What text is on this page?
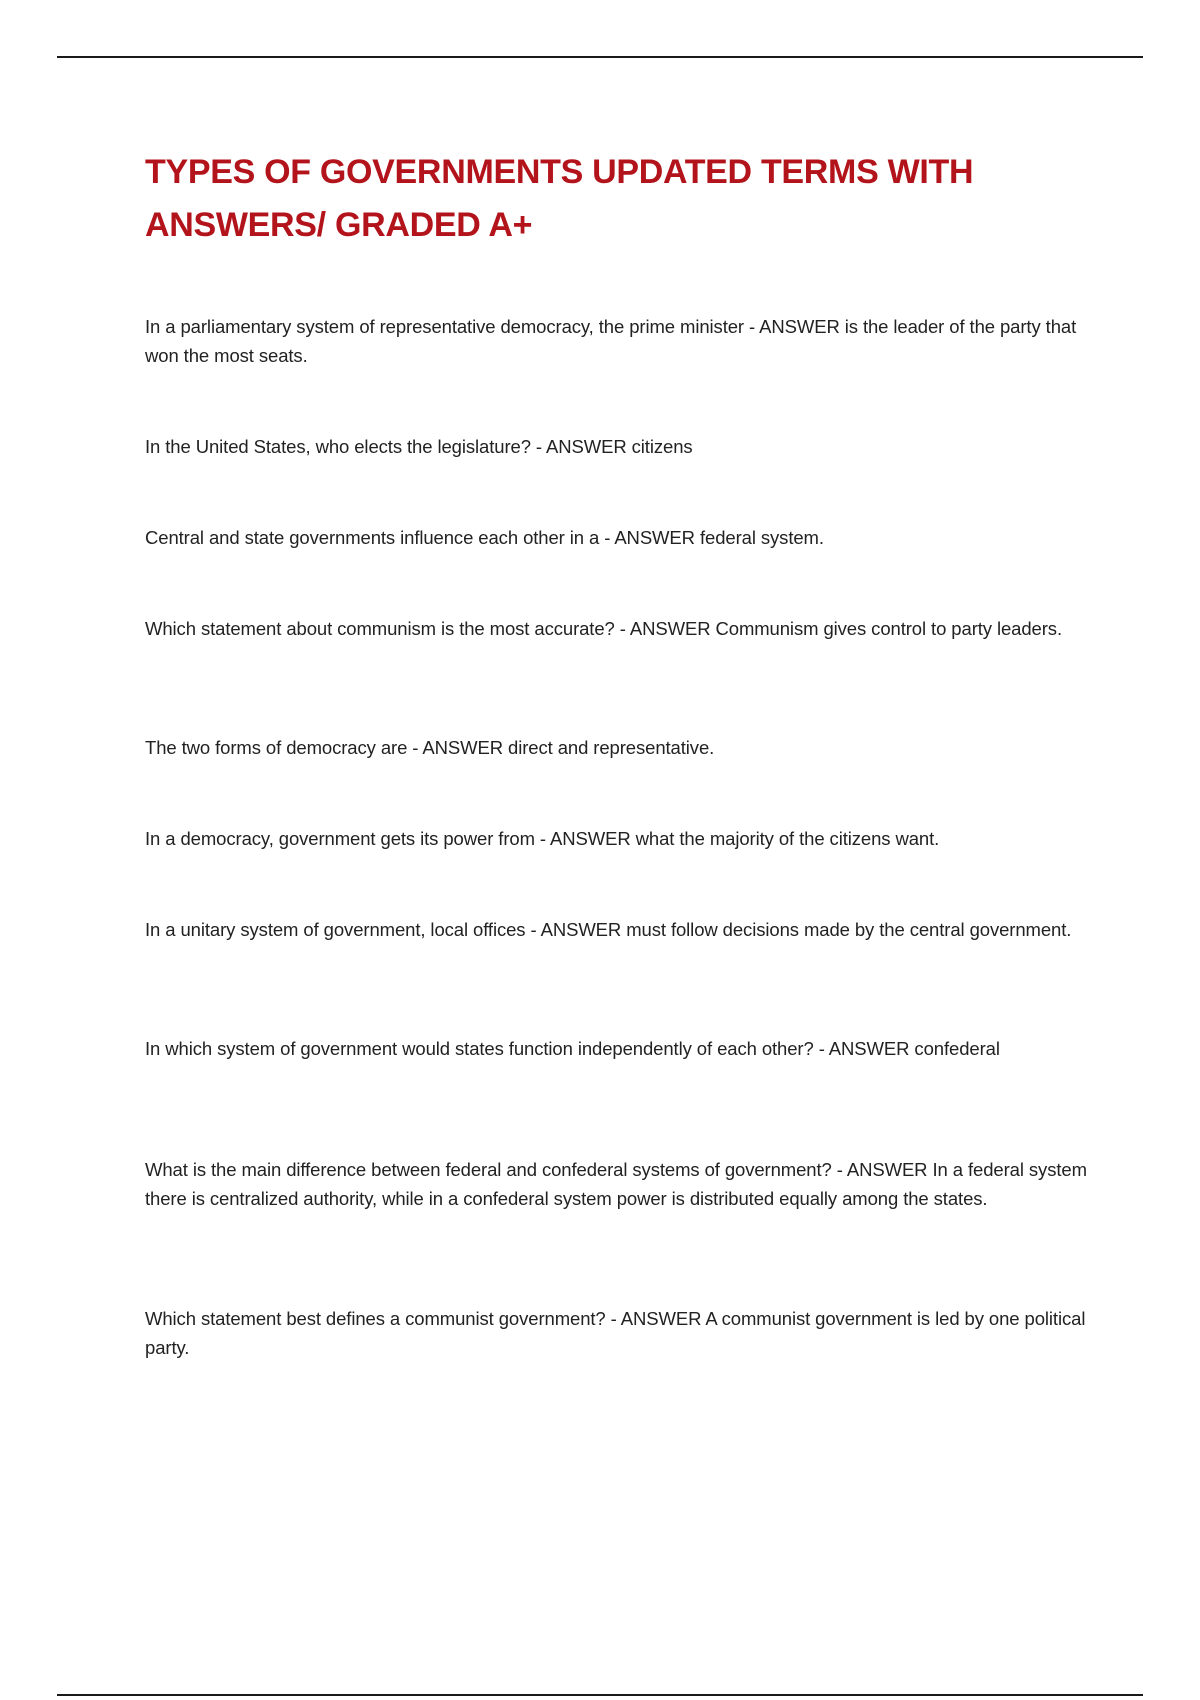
TYPES OF GOVERNMENTS UPDATED TERMS WITH ANSWERS/ GRADED A+

In a parliamentary system of representative democracy, the prime minister - ANSWER is the leader of the party that won the most seats.

In the United States, who elects the legislature? - ANSWER citizens

Central and state governments influence each other in a - ANSWER federal system.

Which statement about communism is the most accurate? - ANSWER Communism gives control to party leaders.

The two forms of democracy are - ANSWER direct and representative.

In a democracy, government gets its power from - ANSWER what the majority of the citizens want.

In a unitary system of government, local offices - ANSWER must follow decisions made by the central government.

In which system of government would states function independently of each other? - ANSWER confederal

What is the main difference between federal and confederal systems of government? - ANSWER In a federal system there is centralized authority, while in a confederal system power is distributed equally among the states.

Which statement best defines a communist government? - ANSWER A communist government is led by one political party.
